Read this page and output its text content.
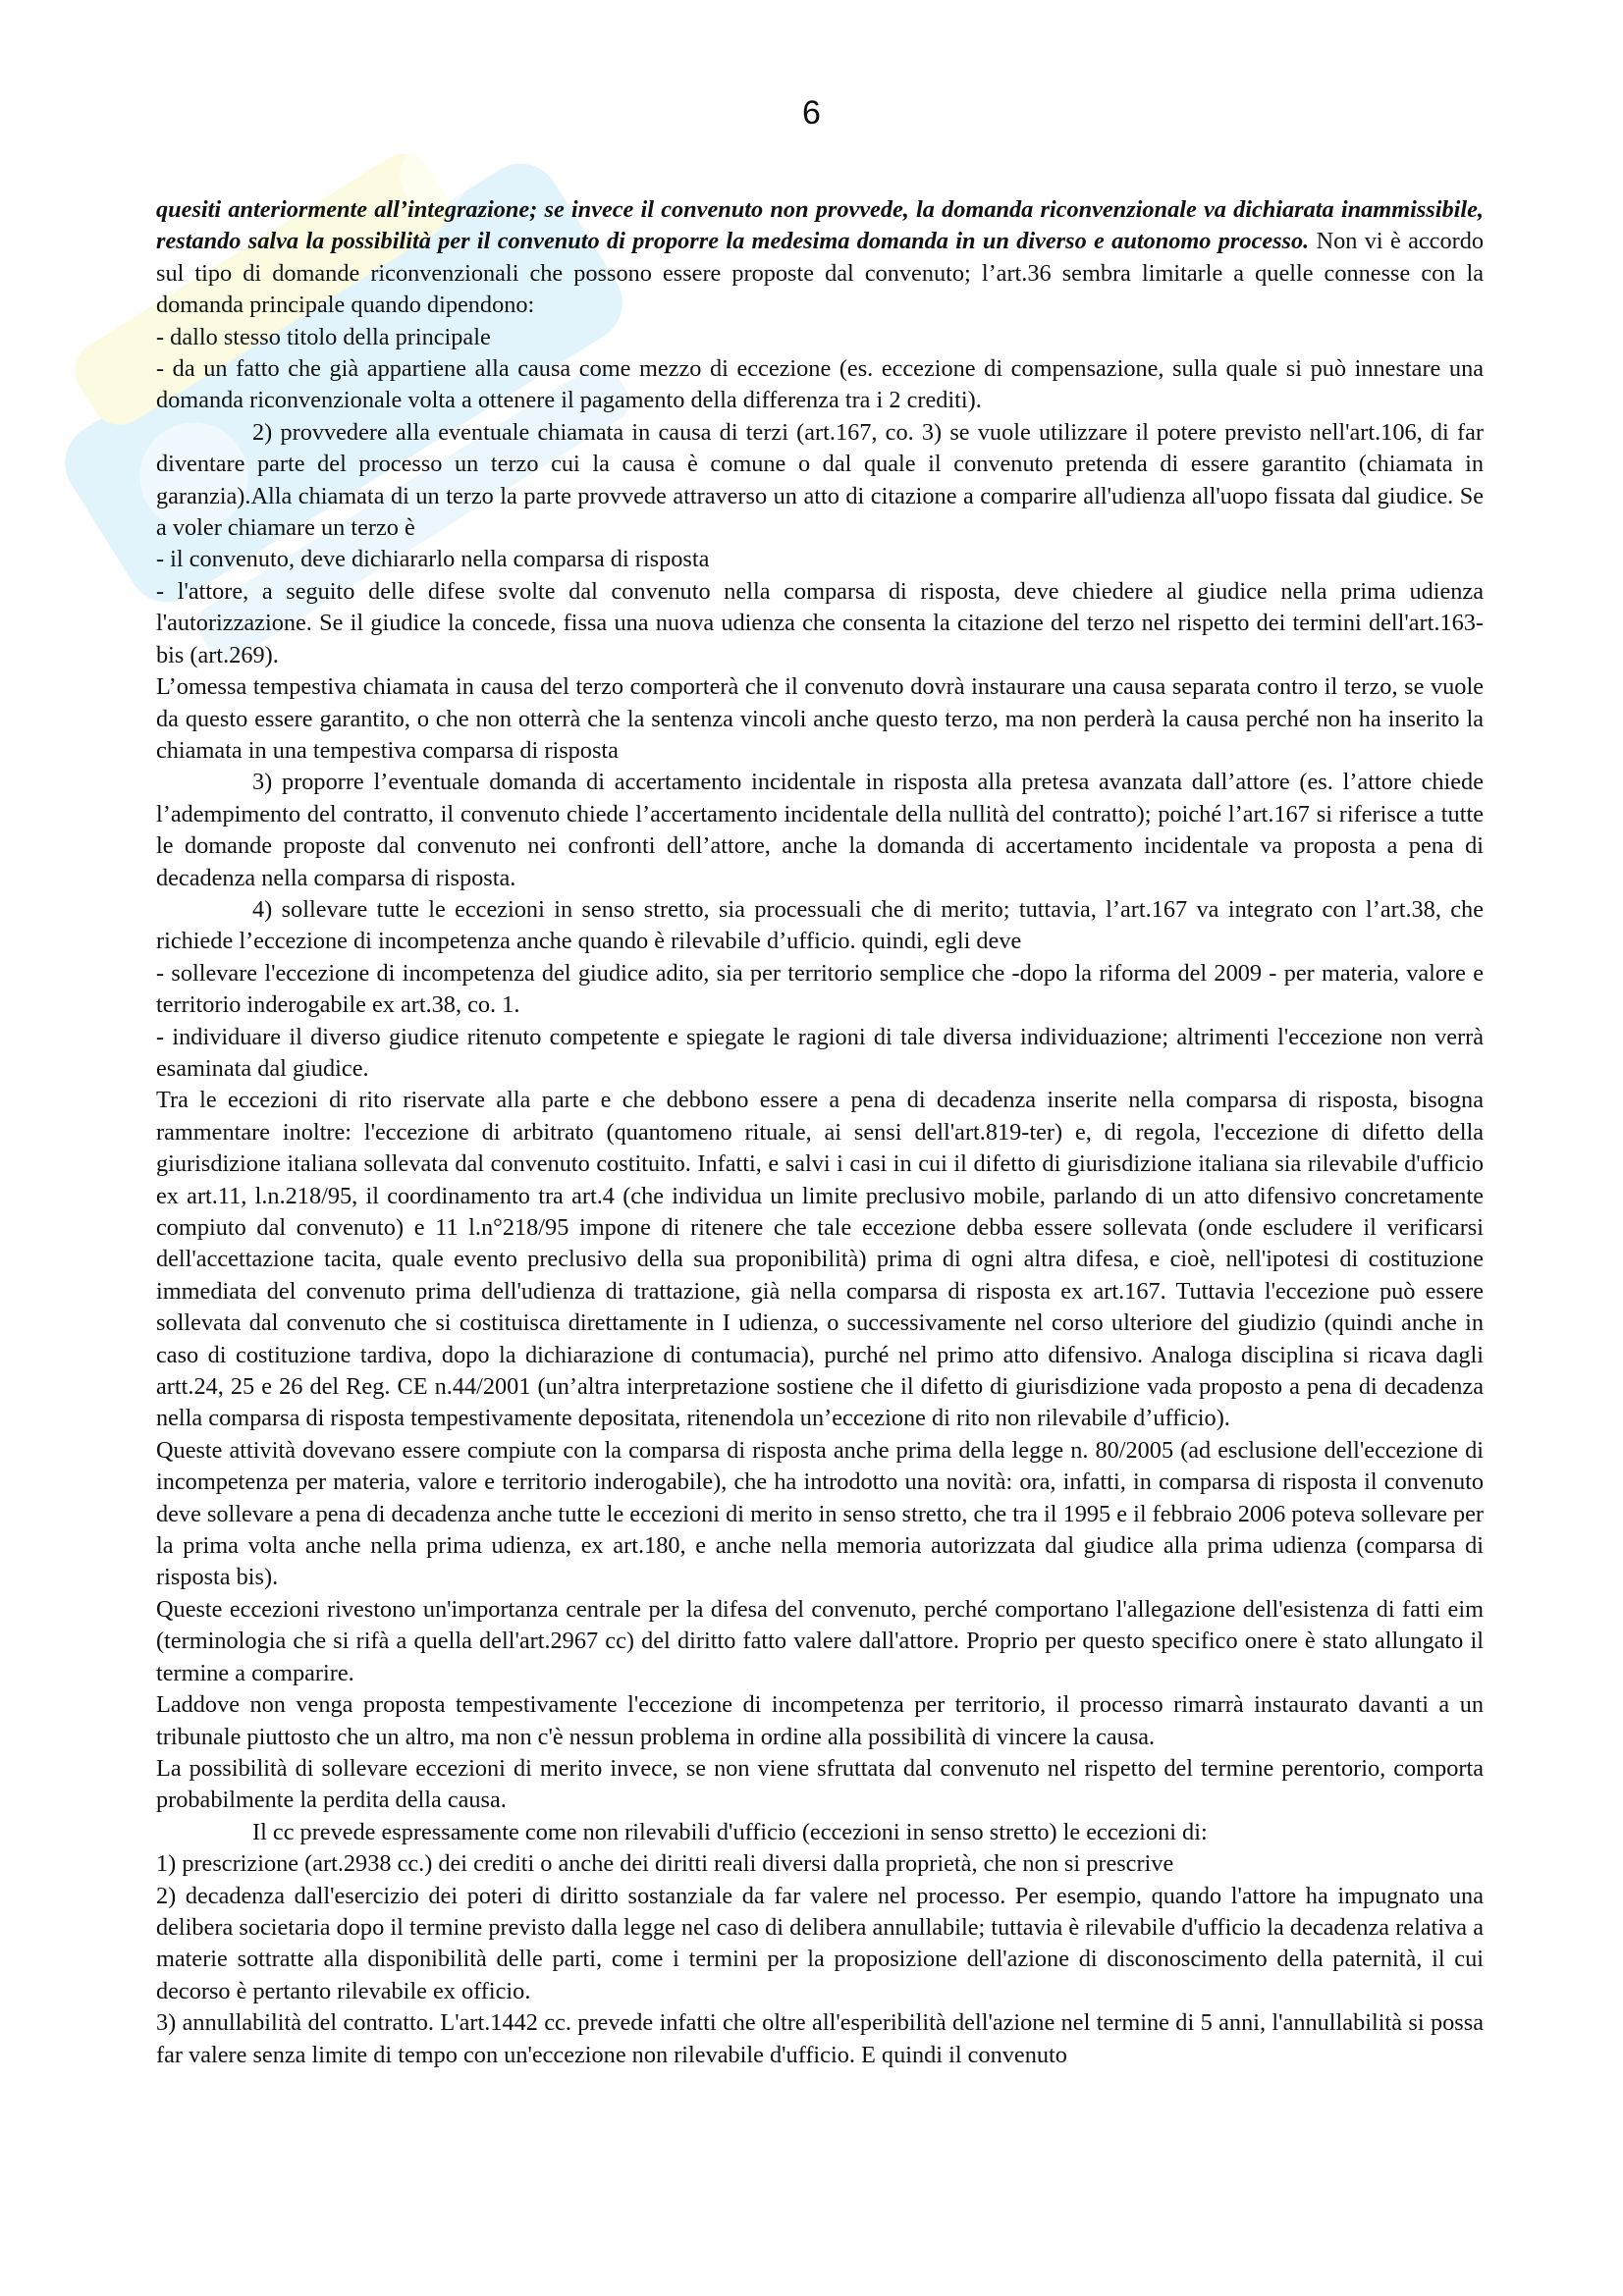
6

quesiti anteriormente all’integrazione; se invece il convenuto non provvede, la domanda riconvenzionale va dichiarata inammissibile, restando salva la possibilità per il convenuto di proporre la medesima domanda in un diverso e autonomo processo. Non vi è accordo sul tipo di domande riconvenzionali che possono essere proposte dal convenuto; l’art.36 sembra limitarle a quelle connesse con la domanda principale quando dipendono:

- dallo stesso titolo della principale

- da un fatto che già appartiene alla causa come mezzo di eccezione (es. eccezione di compensazione, sulla quale si può innestare una domanda riconvenzionale volta a ottenere il pagamento della differenza tra i 2 crediti).

2) provvedere alla eventuale chiamata in causa di terzi (art.167, co. 3) se vuole utilizzare il potere previsto nell'art.106, di far diventare parte del processo un terzo cui la causa è comune o dal quale il convenuto pretenda di essere garantito (chiamata in garanzia).Alla chiamata di un terzo la parte provvede attraverso un atto di citazione a comparire all'udienza all'uopo fissata dal giudice. Se a voler chiamare un terzo è

- il convenuto, deve dichiararlo nella comparsa di risposta

- l'attore, a seguito delle difese svolte dal convenuto nella comparsa di risposta, deve chiedere al giudice nella prima udienza l'autorizzazione. Se il giudice la concede, fissa una nuova udienza che consenta la citazione del terzo nel rispetto dei termini dell'art.163-bis (art.269).

L’omessa tempestiva chiamata in causa del terzo comporterà che il convenuto dovrà instaurare una causa separata contro il terzo, se vuole da questo essere garantito, o che non otterrà che la sentenza vincoli anche questo terzo, ma non perderà la causa perché non ha inserito la chiamata in una tempestiva comparsa di risposta

3) proporre l’eventuale domanda di accertamento incidentale in risposta alla pretesa avanzata dall’attore (es. l’attore chiede l’adempimento del contratto, il convenuto chiede l’accertamento incidentale della nullità del contratto); poiché l’art.167 si riferisce a tutte le domande proposte dal convenuto nei confronti dell’attore, anche la domanda di accertamento incidentale va proposta a pena di decadenza nella comparsa di risposta.

4) sollevare tutte le eccezioni in senso stretto, sia processuali che di merito; tuttavia, l’art.167 va integrato con l’art.38, che richiede l’eccezione di incompetenza anche quando è rilevabile d’ufficio. quindi, egli deve

- sollevare l'eccezione di incompetenza del giudice adito, sia per territorio semplice che -dopo la riforma del 2009 - per materia, valore e territorio inderogabile ex art.38, co. 1.

- individuare il diverso giudice ritenuto competente e spiegate le ragioni di tale diversa individuazione; altrimenti l'eccezione non verrà esaminata dal giudice.

Tra le eccezioni di rito riservate alla parte e che debbono essere a pena di decadenza inserite nella comparsa di risposta, bisogna rammentare inoltre: l'eccezione di arbitrato (quantomeno rituale, ai sensi dell'art.819-ter) e, di regola, l'eccezione di difetto della giurisdizione italiana sollevata dal convenuto costituito. Infatti, e salvi i casi in cui il difetto di giurisdizione italiana sia rilevabile d'ufficio ex art.11, l.n.218/95, il coordinamento tra art.4 (che individua un limite preclusivo mobile, parlando di un atto difensivo concretamente compiuto dal convenuto) e 11 l.n°218/95 impone di ritenere che tale eccezione debba essere sollevata (onde escludere il verificarsi dell'accettazione tacita, quale evento preclusivo della sua proponibilità) prima di ogni altra difesa, e cioè, nell'ipotesi di costituzione immediata del convenuto prima dell'udienza di trattazione, già nella comparsa di risposta ex art.167. Tuttavia l'eccezione può essere sollevata dal convenuto che si costituisca direttamente in I udienza, o successivamente nel corso ulteriore del giudizio (quindi anche in caso di costituzione tardiva, dopo la dichiarazione di contumacia), purché nel primo atto difensivo. Analoga disciplina si ricava dagli artt.24, 25 e 26 del Reg. CE n.44/2001 (un’altra interpretazione sostiene che il difetto di giurisdizione vada proposto a pena di decadenza nella comparsa di risposta tempestivamente depositata, ritenendola un’eccezione di rito non rilevabile d’ufficio).

Queste attività dovevano essere compiute con la comparsa di risposta anche prima della legge n. 80/2005 (ad esclusione dell'eccezione di incompetenza per materia, valore e territorio inderogabile), che ha introdotto una novità: ora, infatti, in comparsa di risposta il convenuto deve sollevare a pena di decadenza anche tutte le eccezioni di merito in senso stretto, che tra il 1995 e il febbraio 2006 poteva sollevare per la prima volta anche nella prima udienza, ex art.180, e anche nella memoria autorizzata dal giudice alla prima udienza (comparsa di risposta bis).

Queste eccezioni rivestono un'importanza centrale per la difesa del convenuto, perché comportano l'allegazione dell'esistenza di fatti eim (terminologia che si rifà a quella dell'art.2967 cc) del diritto fatto valere dall'attore. Proprio per questo specifico onere è stato allungato il termine a comparire.

Laddove non venga proposta tempestivamente l'eccezione di incompetenza per territorio, il processo rimarrà instaurato davanti a un tribunale piuttosto che un altro, ma non c'è nessun problema in ordine alla possibilità di vincere la causa.

La possibilità di sollevare eccezioni di merito invece, se non viene sfruttata dal convenuto nel rispetto del termine perentorio, comporta probabilmente la perdita della causa.

Il cc prevede espressamente come non rilevabili d'ufficio (eccezioni in senso stretto) le eccezioni di:

1) prescrizione (art.2938 cc.) dei crediti o anche dei diritti reali diversi dalla proprietà, che non si prescrive

2) decadenza dall'esercizio dei poteri di diritto sostanziale da far valere nel processo. Per esempio, quando l'attore ha impugnato una delibera societaria dopo il termine previsto dalla legge nel caso di delibera annullabile; tuttavia è rilevabile d'ufficio la decadenza relativa a materie sottratte alla disponibilità delle parti, come i termini per la proposizione dell'azione di disconoscimento della paternità, il cui decorso è pertanto rilevabile ex officio.

3) annullabilità del contratto. L'art.1442 cc. prevede infatti che oltre all'esperibilità dell'azione nel termine di 5 anni, l'annullabilità si possa far valere senza limite di tempo con un'eccezione non rilevabile d'ufficio. E quindi il convenuto
